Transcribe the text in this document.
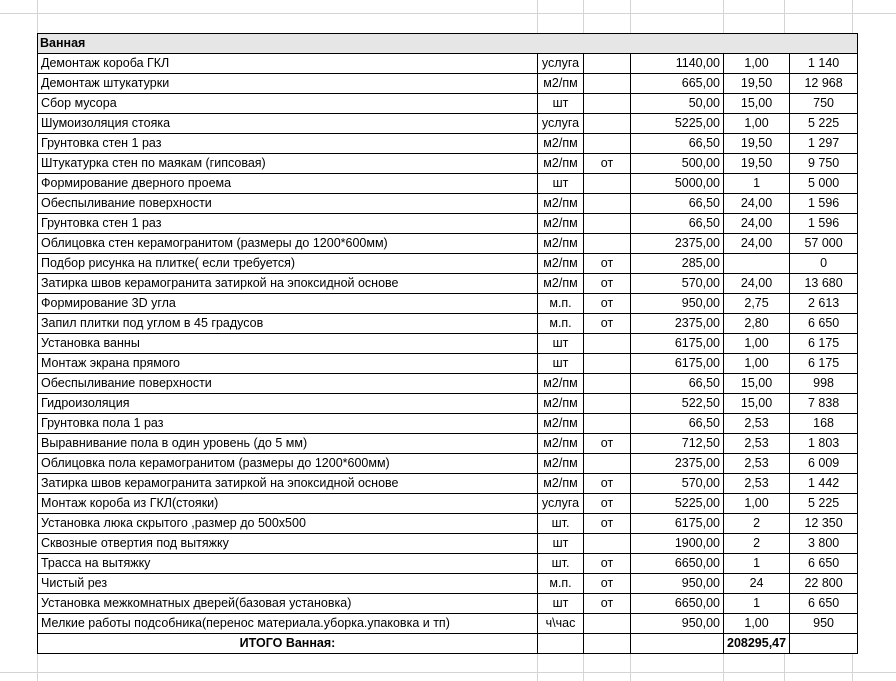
Ванная					
Демонтаж короба ГКЛ	услуга		1140,00	1,00	1 140
Демонтаж штукатурки	м2/пм		665,00	19,50	12 968
Сбор мусора	шт		50,00	15,00	750
Шумоизоляция стояка	услуга		5225,00	1,00	5 225
Грунтовка стен 1 раз	м2/пм		66,50	19,50	1 297
Штукатурка стен по маякам (гипсовая)	м2/пм	от	500,00	19,50	9 750
Формирование дверного проема	шт		5000,00	1	5 000
Обеспыливание поверхности	м2/пм		66,50	24,00	1 596
Грунтовка стен 1 раз	м2/пм		66,50	24,00	1 596
Облицовка стен керамогранитом (размеры до 1200*600мм)	м2/пм		2375,00	24,00	57 000
Подбор рисунка на плитке( если требуется)	м2/пм	от	285,00		0
Затирка швов керамогранита затиркой на эпоксидной основе	м2/пм	от	570,00	24,00	13 680
Формирование 3D угла	м.п.	от	950,00	2,75	2 613
Запил плитки под углом в 45 градусов	м.п.	от	2375,00	2,80	6 650
Установка ванны	шт		6175,00	1,00	6 175
Монтаж экрана прямого	шт		6175,00	1,00	6 175
Обеспыливание поверхности	м2/пм		66,50	15,00	998
Гидроизоляция	м2/пм		522,50	15,00	7 838
Грунтовка пола 1 раз	м2/пм		66,50	2,53	168
Выравнивание пола в один уровень (до 5 мм)	м2/пм	от	712,50	2,53	1 803
Облицовка пола керамогранитом (размеры до 1200*600мм)	м2/пм		2375,00	2,53	6 009
Затирка швов керамогранита затиркой на эпоксидной основе	м2/пм	от	570,00	2,53	1 442
Монтаж короба из ГКЛ(стояки)	услуга	от	5225,00	1,00	5 225
Установка люка скрытого ,размер до 500х500	шт.	от	6175,00	2	12 350
Сквозные отвертия под вытяжку	шт		1900,00	2	3 800
Трасса на вытяжку	шт.	от	6650,00	1	6 650
Чистый рез	м.п.	от	950,00	24	22 800
Установка межкомнатных дверей(базовая установка)	шт	от	6650,00	1	6 650
Мелкие работы подсобника(перенос материала.уборка.упаковка и тп)	ч\час		950,00	1,00	950
ИТОГО Ванная:				208295,47	
